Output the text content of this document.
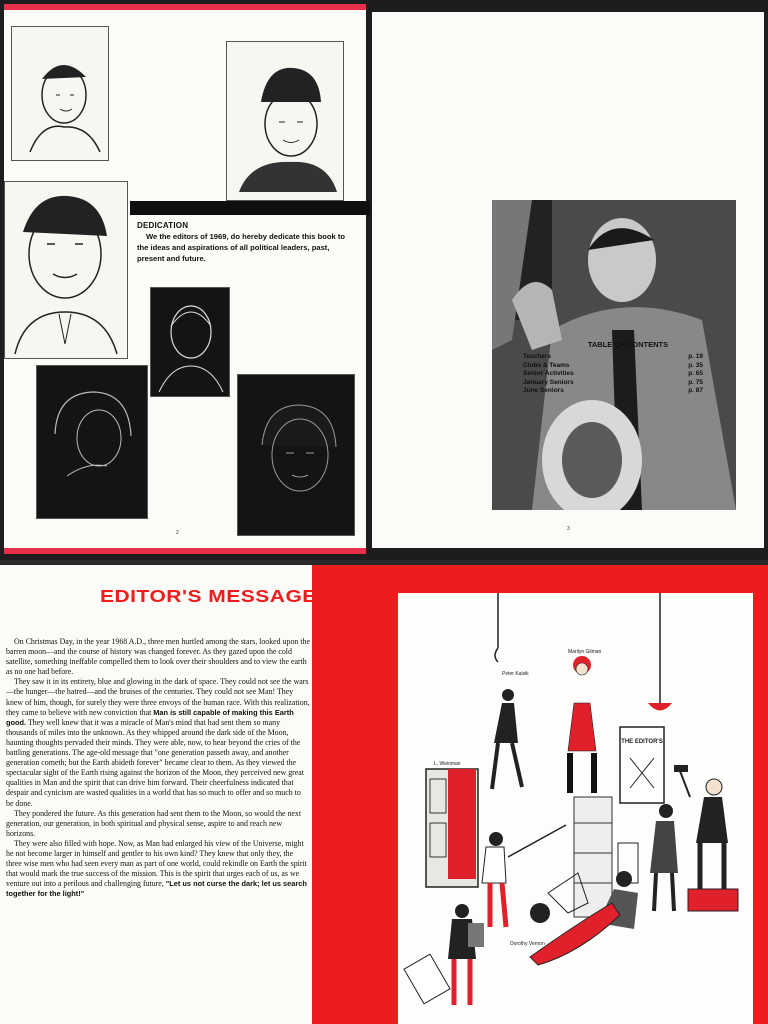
DEDICATION
We the editors of 1969, do hereby dedicate this book to the ideas and aspirations of all political leaders, past, present and future.
2
TABLE OF CONTENTS
Teachers	p. 19
Clubs & Teams	p. 35
Senior Activities	p. 65
January Seniors	p. 75
June Seniors	p. 87
3
EDITOR'S MESSAGE

On Christmas Day, in the year 1968 A.D., three men hurtled among the stars, looked upon the barren moon—and the course of history was changed forever. As they gazed upon the cold satellite, something ineffable compelled them to look over their shoulders and to view the earth as no one had before.

They saw it in its entirety, blue and glowing in the dark of space. They could not see the wars—the hunger—the hatred—and the bruises of the centuries. They could not see Man! They knew of him, though, for surely they were three envoys of the human race. With this realization, they came to believe with new conviction that Man is still capable of making this Earth good. They well knew that it was a miracle of Man's mind that had sent them so many thousands of miles into the unknown. As they whipped around the dark side of the Moon, haunting thoughts pervaded their minds. They were able, now, to hear beyond the cries of the battling generations. The age-old message that "one generation passeth away, and another generation cometh; but the Earth abideth forever" became clear to them. As they viewed the spectacular sight of the Earth rising against the horizon of the Moon, they perceived new great qualities in Man and the spirit that can drive him forward. Their cheerfulness indicated that despair and cynicism are wasted qualities in a world that has so much to offer and so much to be done.

They pondered the future. As this generation had sent them to the Moon, so would the next generation, our generation, in both spiritual and physical sense, aspire to and reach new horizons.

They were also filled with hope. Now, as Man had enlarged his view of the Universe, might he not become larger in himself and gentler to his own kind? They knew that only they, the three wise men who had seen every man as part of one world, could rekindle on Earth the spirit that would mark the true success of the mission. This is the spirit that urges each of us, as we venture out into a perilous and challenging future, "Let us not curse the dark; let us search together for the light!"

THE EDITOR'S
L. Weinman
Peter Kaisik
Marilyn Gilman
Dorothy Vernon
